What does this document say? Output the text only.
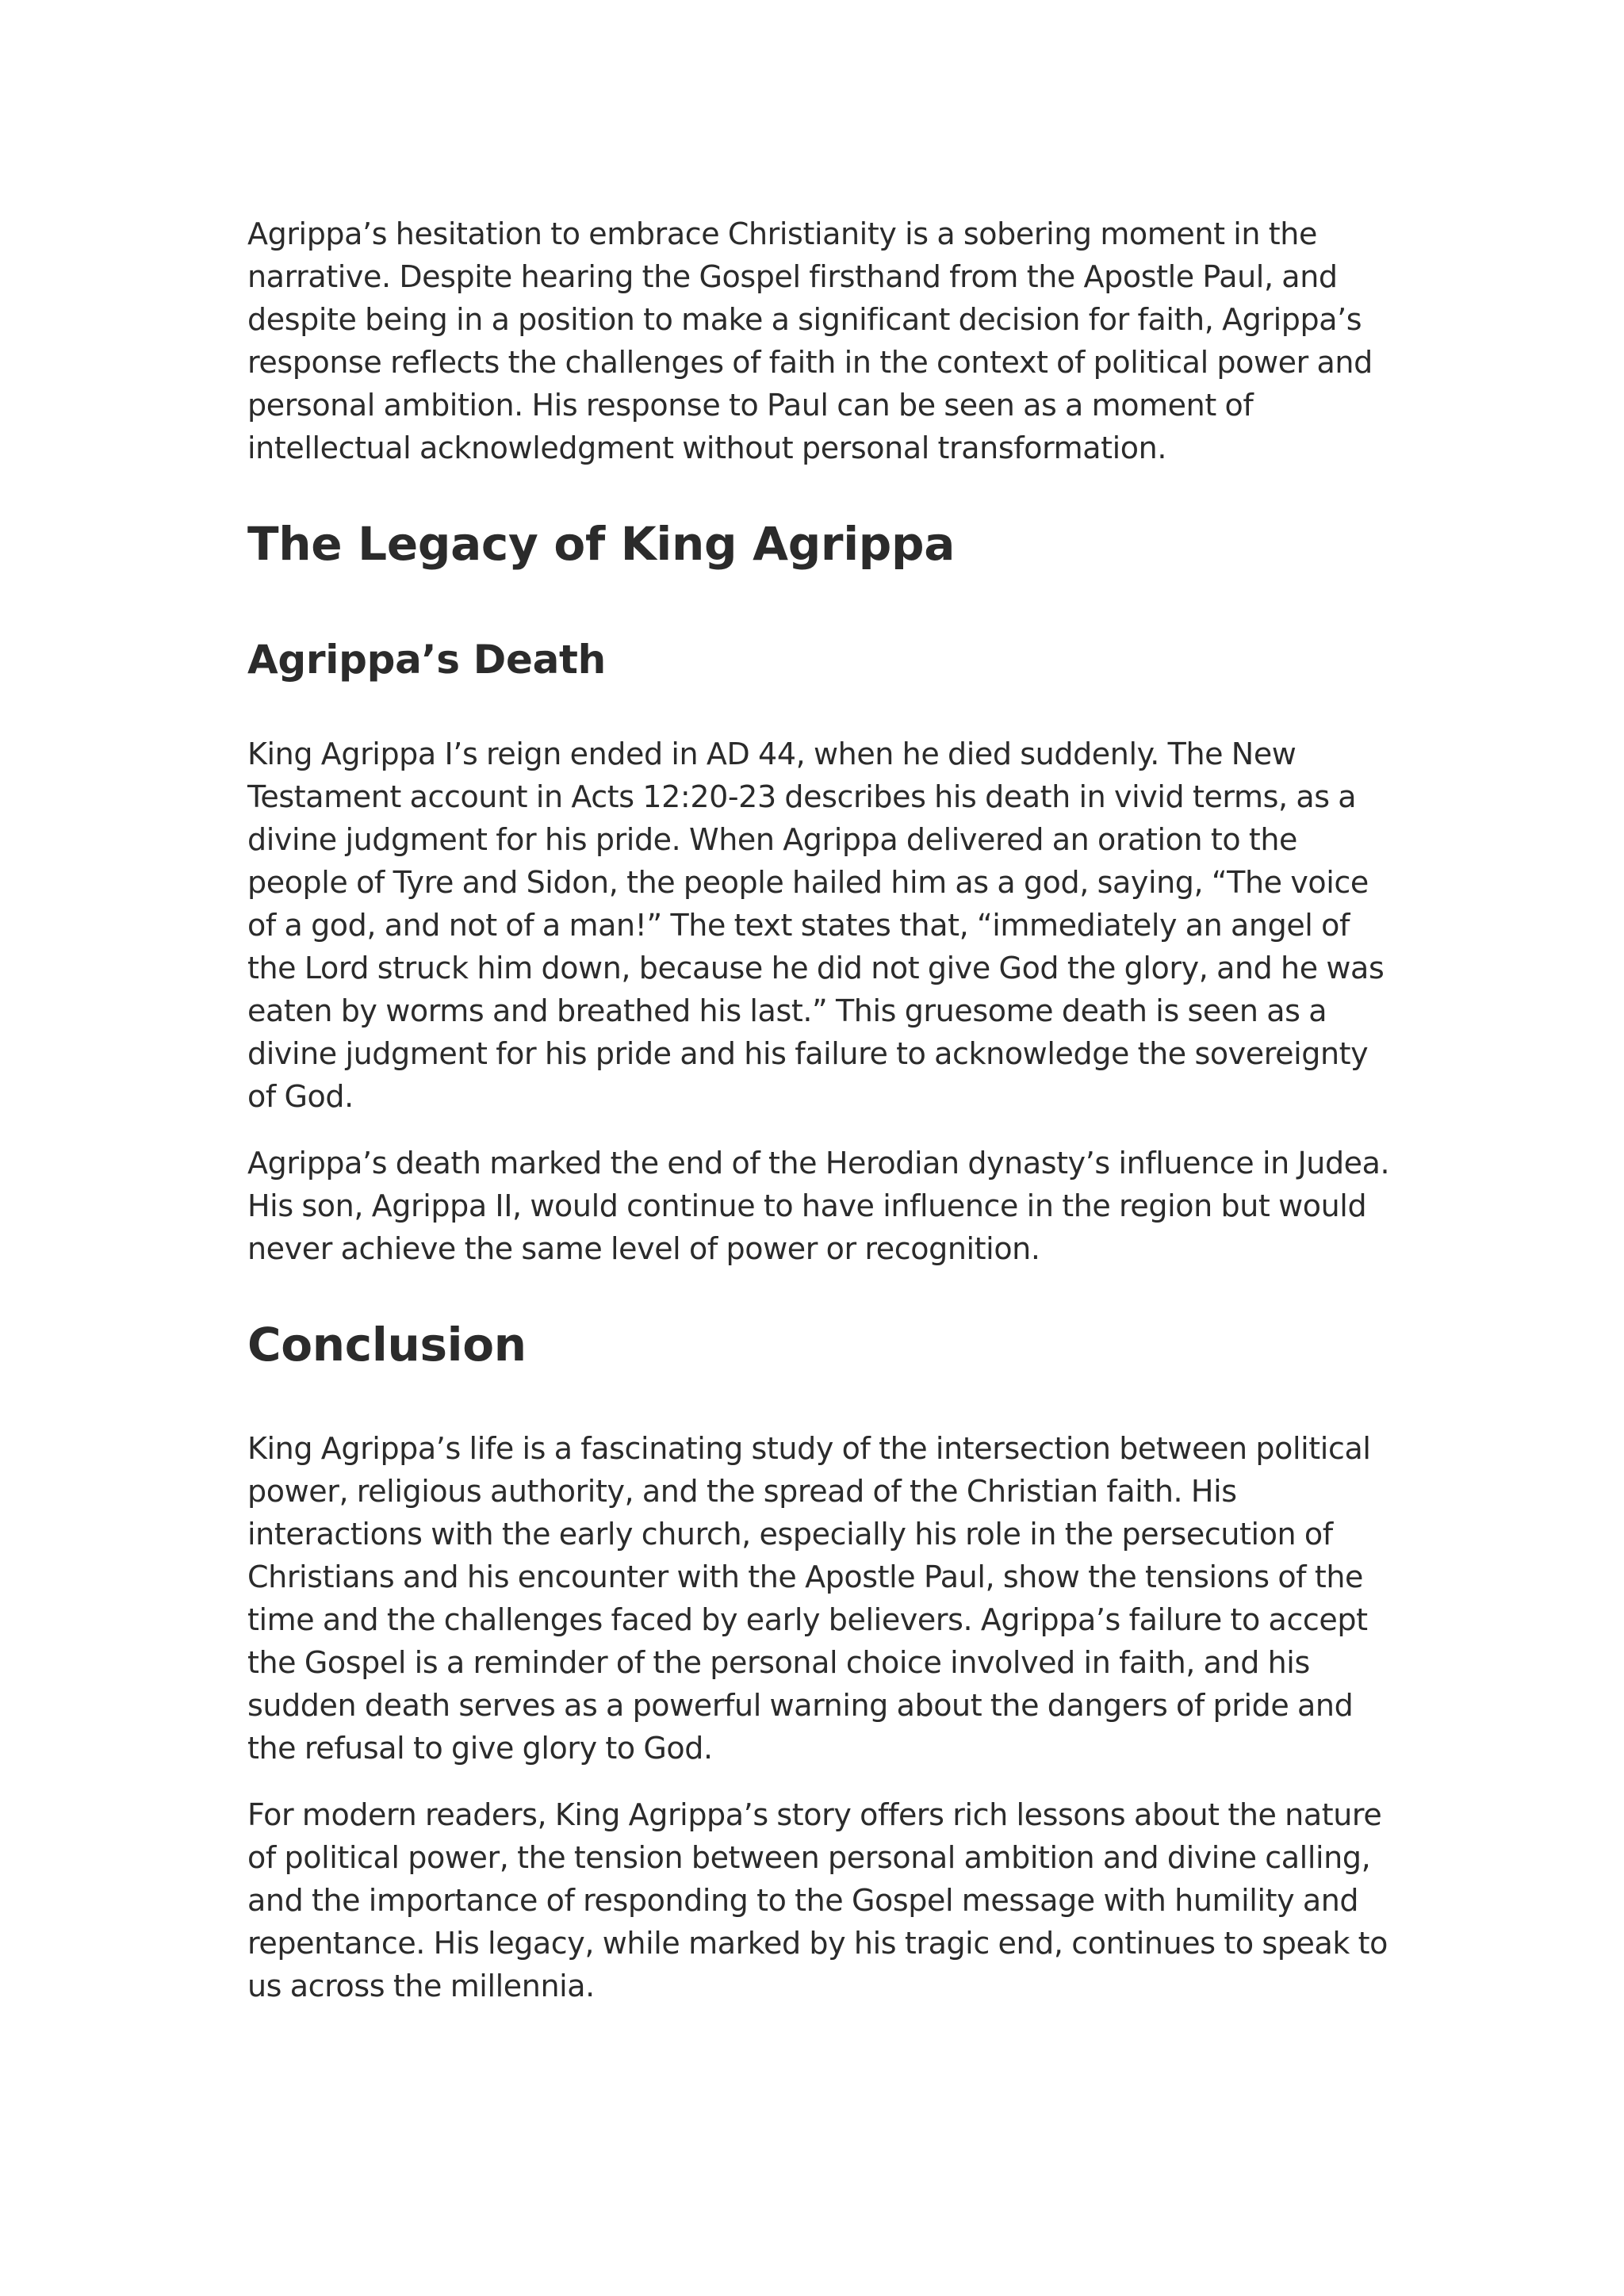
Agrippa’s hesitation to embrace Christianity is a sobering moment in the narrative. Despite hearing the Gospel firsthand from the Apostle Paul, and despite being in a position to make a significant decision for faith, Agrippa’s response reflects the challenges of faith in the context of political power and personal ambition. His response to Paul can be seen as a moment of intellectual acknowledgment without personal transformation.

The Legacy of King Agrippa
Agrippa’s Death

King Agrippa I’s reign ended in AD 44, when he died suddenly. The New Testament account in Acts 12:20-23 describes his death in vivid terms, as a divine judgment for his pride. When Agrippa delivered an oration to the people of Tyre and Sidon, the people hailed him as a god, saying, “The voice of a god, and not of a man!” The text states that, “immediately an angel of the Lord struck him down, because he did not give God the glory, and he was eaten by worms and breathed his last.” This gruesome death is seen as a divine judgment for his pride and his failure to acknowledge the sovereignty of God.

Agrippa’s death marked the end of the Herodian dynasty’s influence in Judea. His son, Agrippa II, would continue to have influence in the region but would never achieve the same level of power or recognition.

Conclusion

King Agrippa’s life is a fascinating study of the intersection between political power, religious authority, and the spread of the Christian faith. His interactions with the early church, especially his role in the persecution of Christians and his encounter with the Apostle Paul, show the tensions of the time and the challenges faced by early believers. Agrippa’s failure to accept the Gospel is a reminder of the personal choice involved in faith, and his sudden death serves as a powerful warning about the dangers of pride and the refusal to give glory to God.

For modern readers, King Agrippa’s story offers rich lessons about the nature of political power, the tension between personal ambition and divine calling, and the importance of responding to the Gospel message with humility and repentance. His legacy, while marked by his tragic end, continues to speak to us across the millennia.
